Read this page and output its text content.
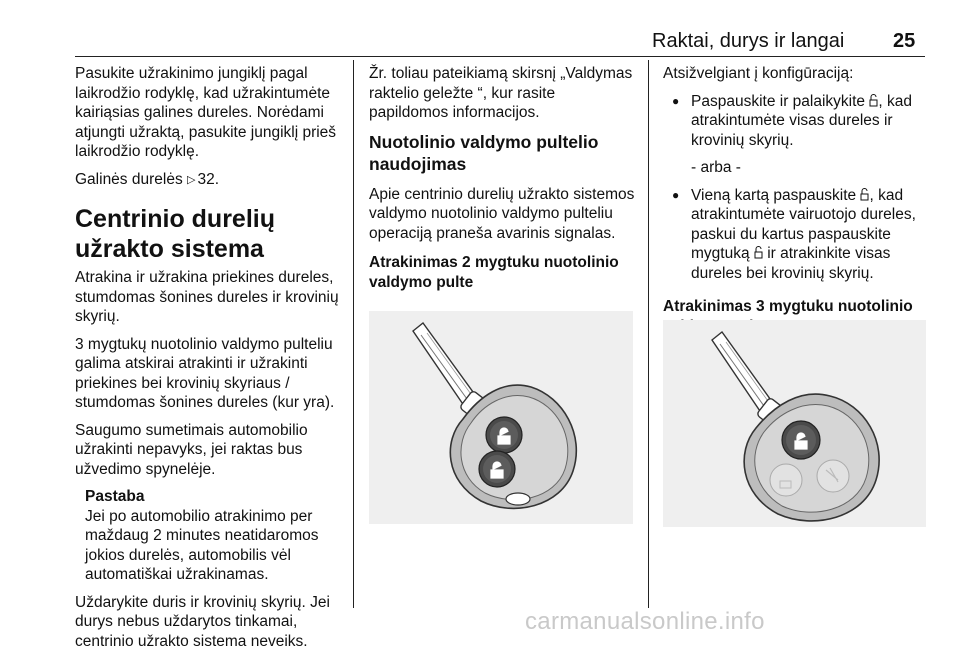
Raktai, durys ir langai 25

Pasukite užrakinimo jungiklį pagal laikrodžio rodyklę, kad užrakintumėte kairiąsias galines dureles. Norėdami atjungti užraktą, pasukite jungiklį prieš laikrodžio rodyklę.

Galinės durelės ▷ 32.

Centrinio durelių užrakto sistema

Atrakina ir užrakina priekines dureles, stumdomas šonines dureles ir krovinių skyrių.

3 mygtukų nuotolinio valdymo pulteliu galima atskirai atrakinti ir užrakinti priekines bei krovinių skyriaus / stumdomas šonines dureles (kur yra).

Saugumo sumetimais automobilio užrakinti nepavyks, jei raktas bus užvedimo spynelėje.

Pastaba

Jei po automobilio atrakinimo per maždaug 2 minutes neatidaromos jokios durelės, automobilis vėl automatiškai užrakinamas.

Uždarykite duris ir krovinių skyrių. Jei durys nebus uždarytos tinkamai, centrinio užrakto sistema neveiks.

Žr. toliau pateikiamą skirsnį „Valdymas raktelio geležte “, kur rasite papildomos informacijos.

Nuotolinio valdymo pultelio naudojimas

Apie centrinio durelių užrakto sistemos valdymo nuotolinio valdymo pulteliu operaciją praneša avarinis signalas.

Atrakinimas 2 mygtuku nuotolinio valdymo pulte

Atsižvelgiant į konfigūraciją:

● Paspauskite ir palaikykite , kad atrakintumėte visas dureles ir krovinių skyrių.
- arba -
● Vieną kartą paspauskite , kad atrakintumėte vairuotojo dureles, paskui du kartus paspauskite mygtuką ir atrakinkite visas dureles bei krovinių skyrių.
Atrakinimas 3 mygtuku nuotolinio
carmanualsonline.info
